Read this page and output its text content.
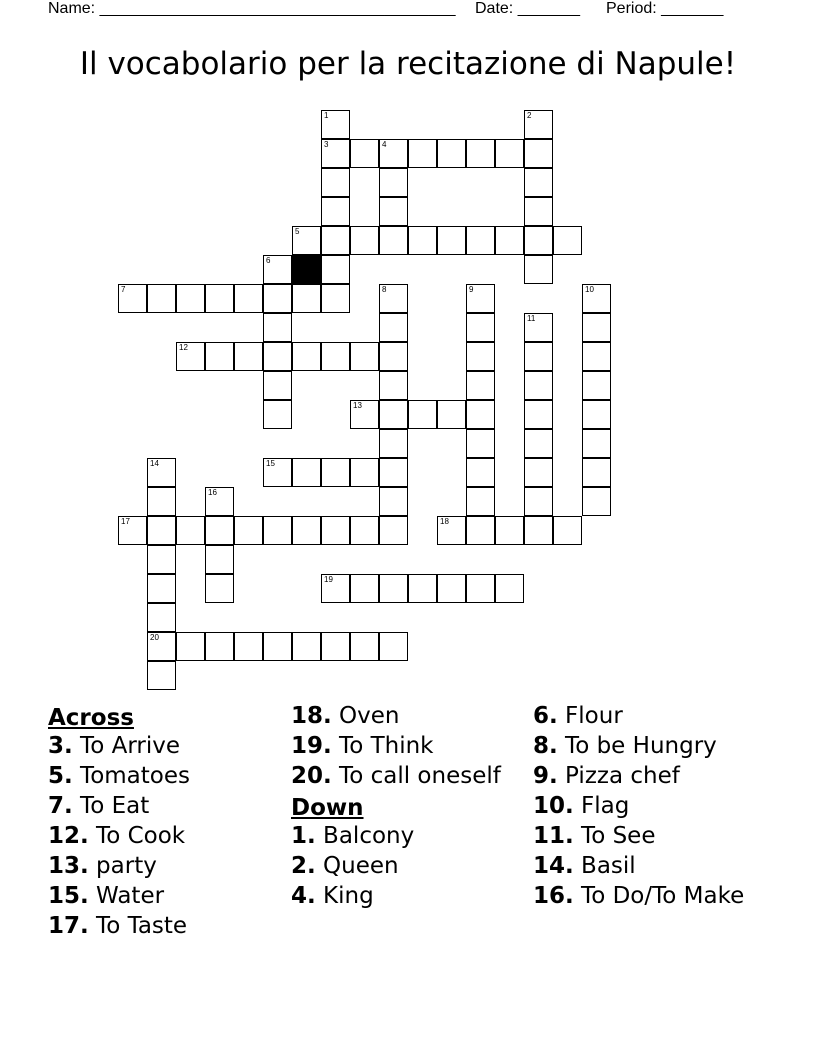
Name: ________________________________________ Date: _______ Period: _______
Il vocabolario per la recitazione di Napule!
1
3
2
4
5
6
7	8	9	10
11
12
13
15
14
20
16
17	18
19
Across
3. To Arrive
5. Tomatoes
7. To Eat
12. To Cook
13. party
15. Water
17. To Taste
18. Oven
19. To Think
20. To call oneself
Down
1. Balcony
2. Queen
4. King
6. Flour
8. To be Hungry
9. Pizza chef
10. Flag
11. To See
14. Basil
16. To Do/To Make
